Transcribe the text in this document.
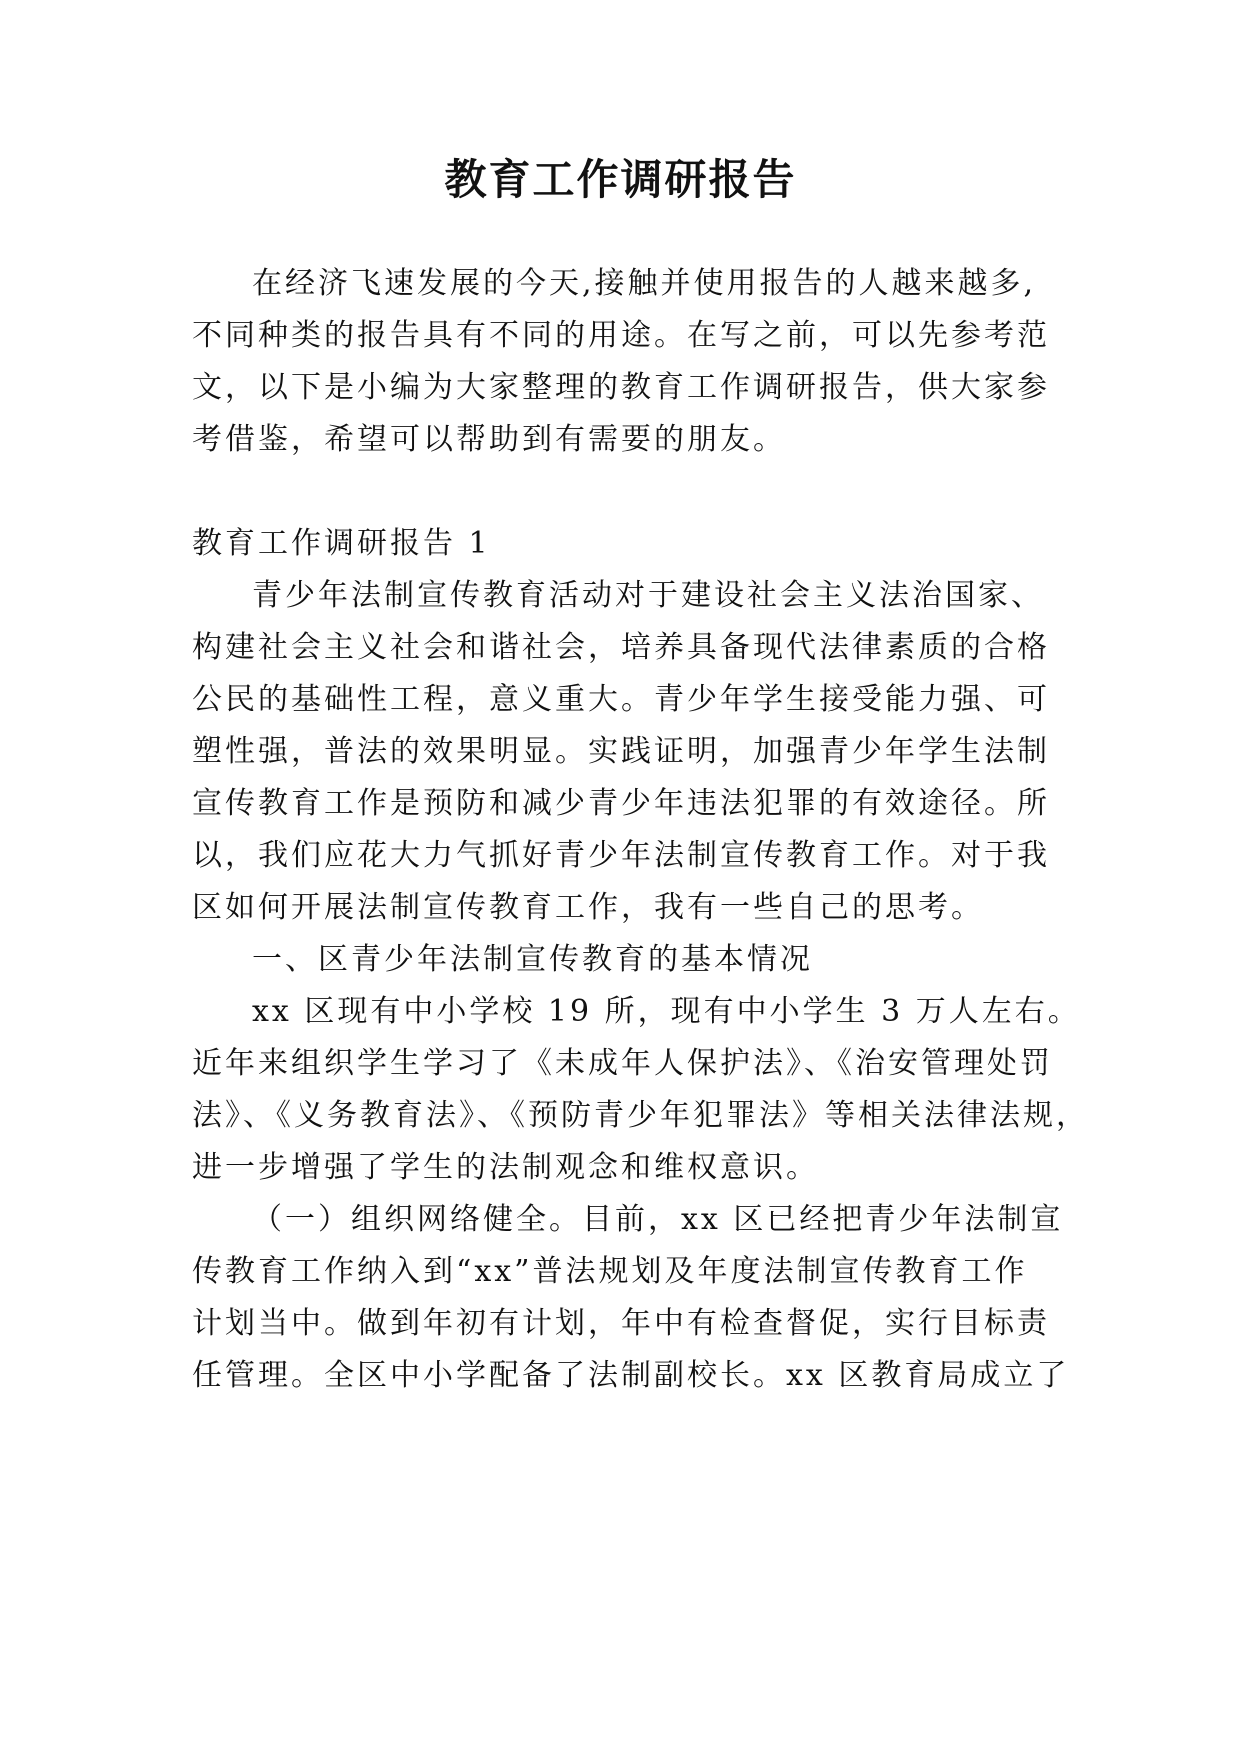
教育工作调研报告
在经济飞速发展的今天,接触并使用报告的人越来越多,
不同种类的报告具有不同的用途。在写之前，可以先参考范
文，以下是小编为大家整理的教育工作调研报告，供大家参
考借鉴，希望可以帮助到有需要的朋友。
教育工作调研报告 1
青少年法制宣传教育活动对于建设社会主义法治国家、
构建社会主义社会和谐社会，培养具备现代法律素质的合格
公民的基础性工程，意义重大。青少年学生接受能力强、可
塑性强，普法的效果明显。实践证明，加强青少年学生法制
宣传教育工作是预防和减少青少年违法犯罪的有效途径。所
以，我们应花大力气抓好青少年法制宣传教育工作。对于我
区如何开展法制宣传教育工作，我有一些自己的思考。
一、区青少年法制宣传教育的基本情况
xx 区现有中小学校 19 所，现有中小学生 3 万人左右。
近年来组织学生学习了《未成年人保护法》、《治安管理处罚
法》、《义务教育法》、《预防青少年犯罪法》等相关法律法规，
进一步增强了学生的法制观念和维权意识。
（一）组织网络健全。目前，xx 区已经把青少年法制宣
传教育工作纳入到“xx”普法规划及年度法制宣传教育工作
计划当中。做到年初有计划，年中有检查督促，实行目标责
任管理。全区中小学配备了法制副校长。xx 区教育局成立了
